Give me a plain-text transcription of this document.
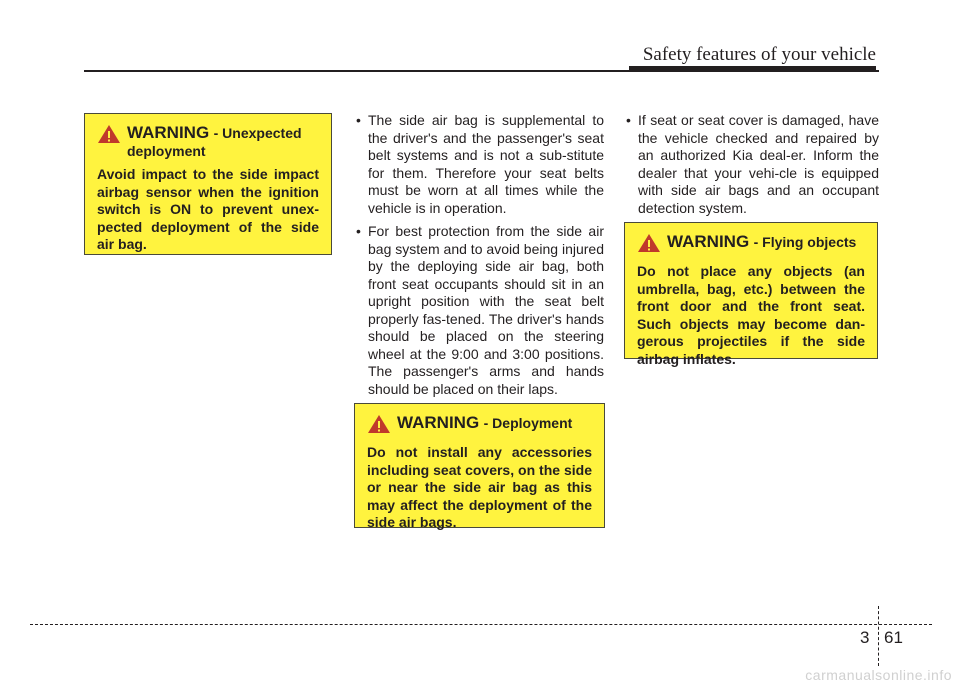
Safety features of your vehicle
WARNING - Unexpected deployment

Avoid impact to the side impact airbag sensor when the ignition switch is ON to prevent unex-pected deployment of the side air bag.

• The side air bag is supplemental to the driver's and the passenger's seat belt systems and is not a sub-stitute for them. Therefore your seat belts must be worn at all times while the vehicle is in operation.

• For best protection from the side air bag system and to avoid being injured by the deploying side air bag, both front seat occupants should sit in an upright position with the seat belt properly fas-tened. The driver's hands should be placed on the steering wheel at the 9:00 and 3:00 positions. The passenger's arms and hands should be placed on their laps.

WARNING - Deployment

Do not install any accessories including seat covers, on the side or near the side air bag as this may affect the deployment of the side air bags.

• If seat or seat cover is damaged, have the vehicle checked and repaired by an authorized Kia deal-er. Inform the dealer that your vehi-cle is equipped with side air bags and an occupant detection system.

WARNING - Flying objects

Do not place any objects (an umbrella, bag, etc.) between the front door and the front seat. Such objects may become dan-gerous projectiles if the side airbag inflates.

3 61
carmanualsonline.info
